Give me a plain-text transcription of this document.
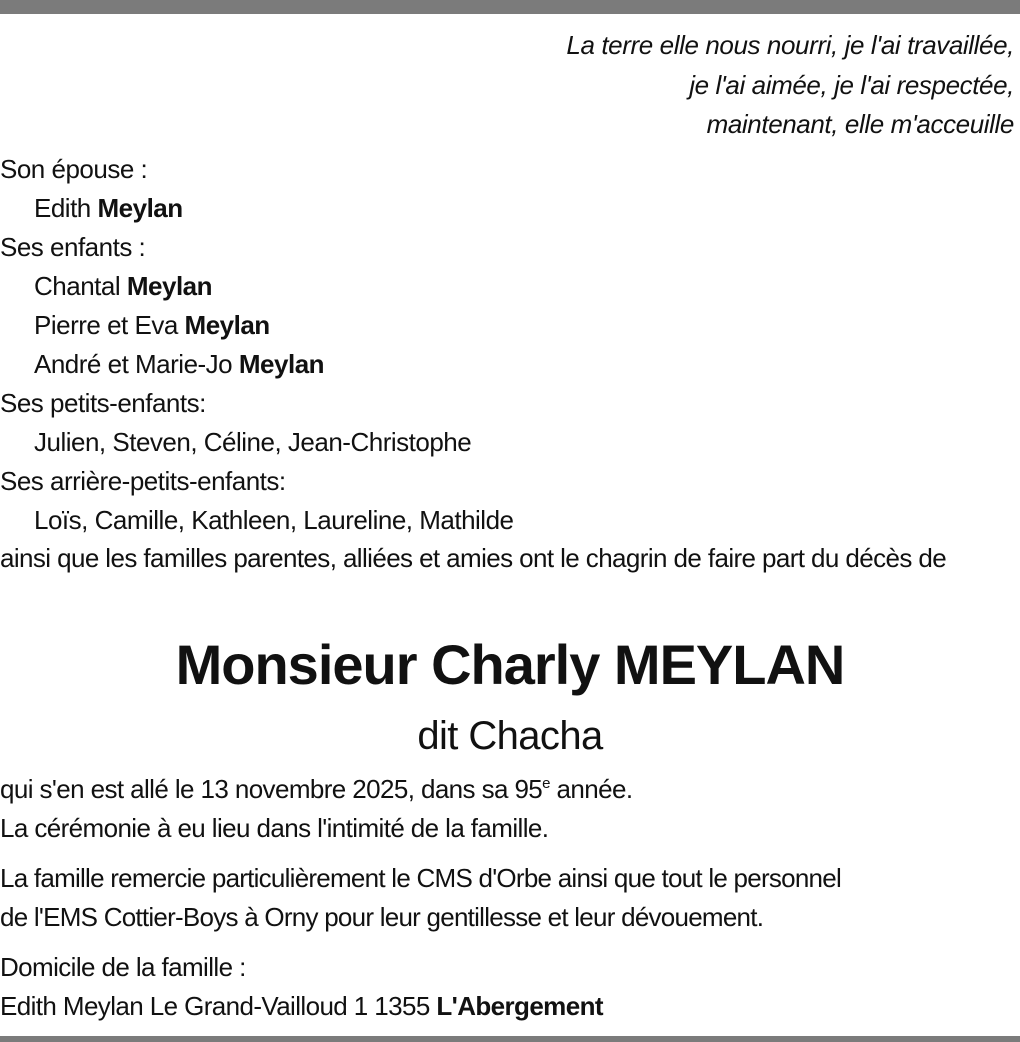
La terre elle nous nourri, je l'ai travaillée,
je l'ai aimée, je l'ai respectée,
maintenant, elle m'acceuille
Son épouse :
Edith Meylan
Ses enfants :
Chantal Meylan
Pierre et Eva Meylan
André et Marie-Jo Meylan
Ses petits-enfants:
Julien, Steven, Céline, Jean-Christophe
Ses arrière-petits-enfants:
Loïs, Camille, Kathleen, Laureline, Mathilde
ainsi que les familles parentes, alliées et amies ont le chagrin de faire part du décès de
Monsieur Charly MEYLAN
dit Chacha
qui s'en est allé le 13 novembre 2025, dans sa 95e année.
La cérémonie à eu lieu dans l'intimité de la famille.
La famille remercie particulièrement le CMS d'Orbe ainsi que tout le personnel
de l'EMS Cottier-Boys à Orny pour leur gentillesse et leur dévouement.
Domicile de la famille :
Edith Meylan Le Grand-Vailloud 1 1355 L'Abergement
